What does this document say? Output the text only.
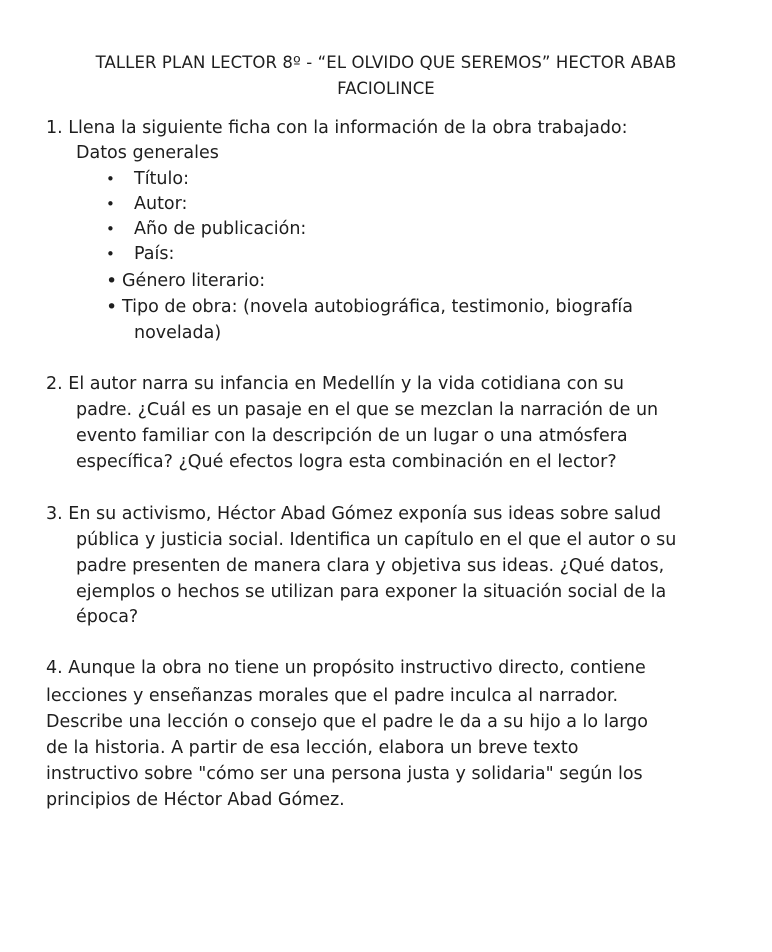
TALLER PLAN LECTOR 8º - “EL OLVIDO QUE SEREMOS” HECTOR ABAB
FACIOLINCE
1. Llena la siguiente ficha con la información de la obra trabajado:
Datos generales
• Título:
• Autor:
• Año de publicación:
• País:
• Género literario:
• Tipo de obra: (novela autobiográfica, testimonio, biografía
novelada)
2. El autor narra su infancia en Medellín y la vida cotidiana con su
padre. ¿Cuál es un pasaje en el que se mezclan la narración de un
evento familiar con la descripción de un lugar o una atmósfera
específica? ¿Qué efectos logra esta combinación en el lector?
3. En su activismo, Héctor Abad Gómez exponía sus ideas sobre salud
pública y justicia social. Identifica un capítulo en el que el autor o su
padre presenten de manera clara y objetiva sus ideas. ¿Qué datos,
ejemplos o hechos se utilizan para exponer la situación social de la
época?
4. Aunque la obra no tiene un propósito instructivo directo, contiene
lecciones y enseñanzas morales que el padre inculca al narrador.
Describe una lección o consejo que el padre le da a su hijo a lo largo
de la historia. A partir de esa lección, elabora un breve texto
instructivo sobre "cómo ser una persona justa y solidaria" según los
principios de Héctor Abad Gómez.
